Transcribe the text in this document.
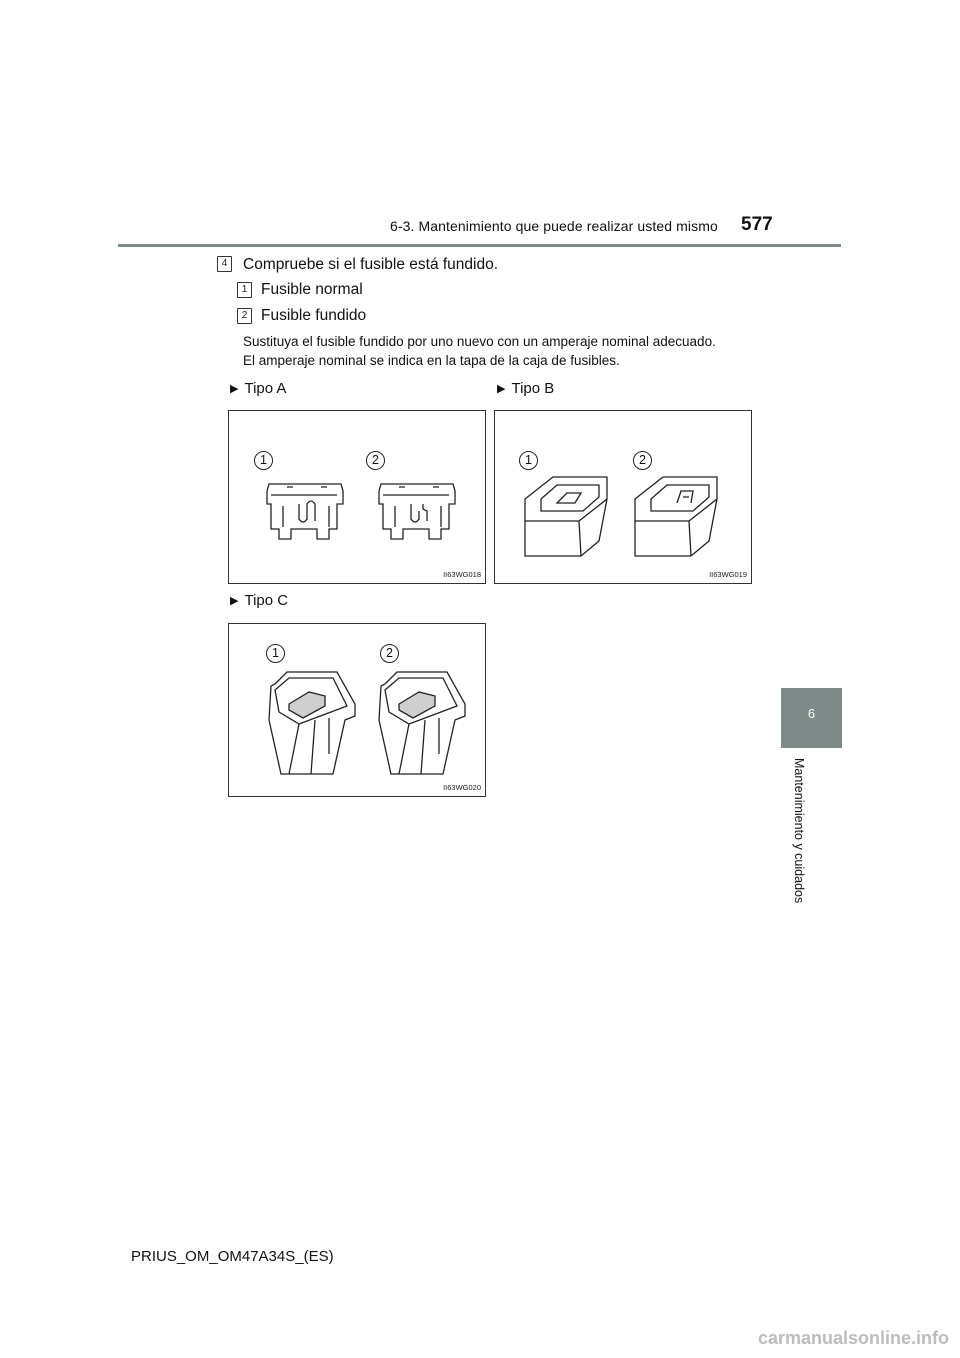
6-3. Mantenimiento que puede realizar usted mismo 577
6
Mantenimiento y cuidados
4	Compruebe si el fusible está fundido.
1 Fusible normal
2 Fusible fundido
Sustituya el fusible fundido por uno nuevo con un amperaje nominal adecuado.
El amperaje nominal se indica en la tapa de la caja de fusibles.
▶ Tipo A	▶ Tipo B
▶ Tipo C
1	2
II63WG018
1	2
II63WG019
1	2
II63WG020
PRIUS_OM_OM47A34S_(ES)
carmanualsonline.info
